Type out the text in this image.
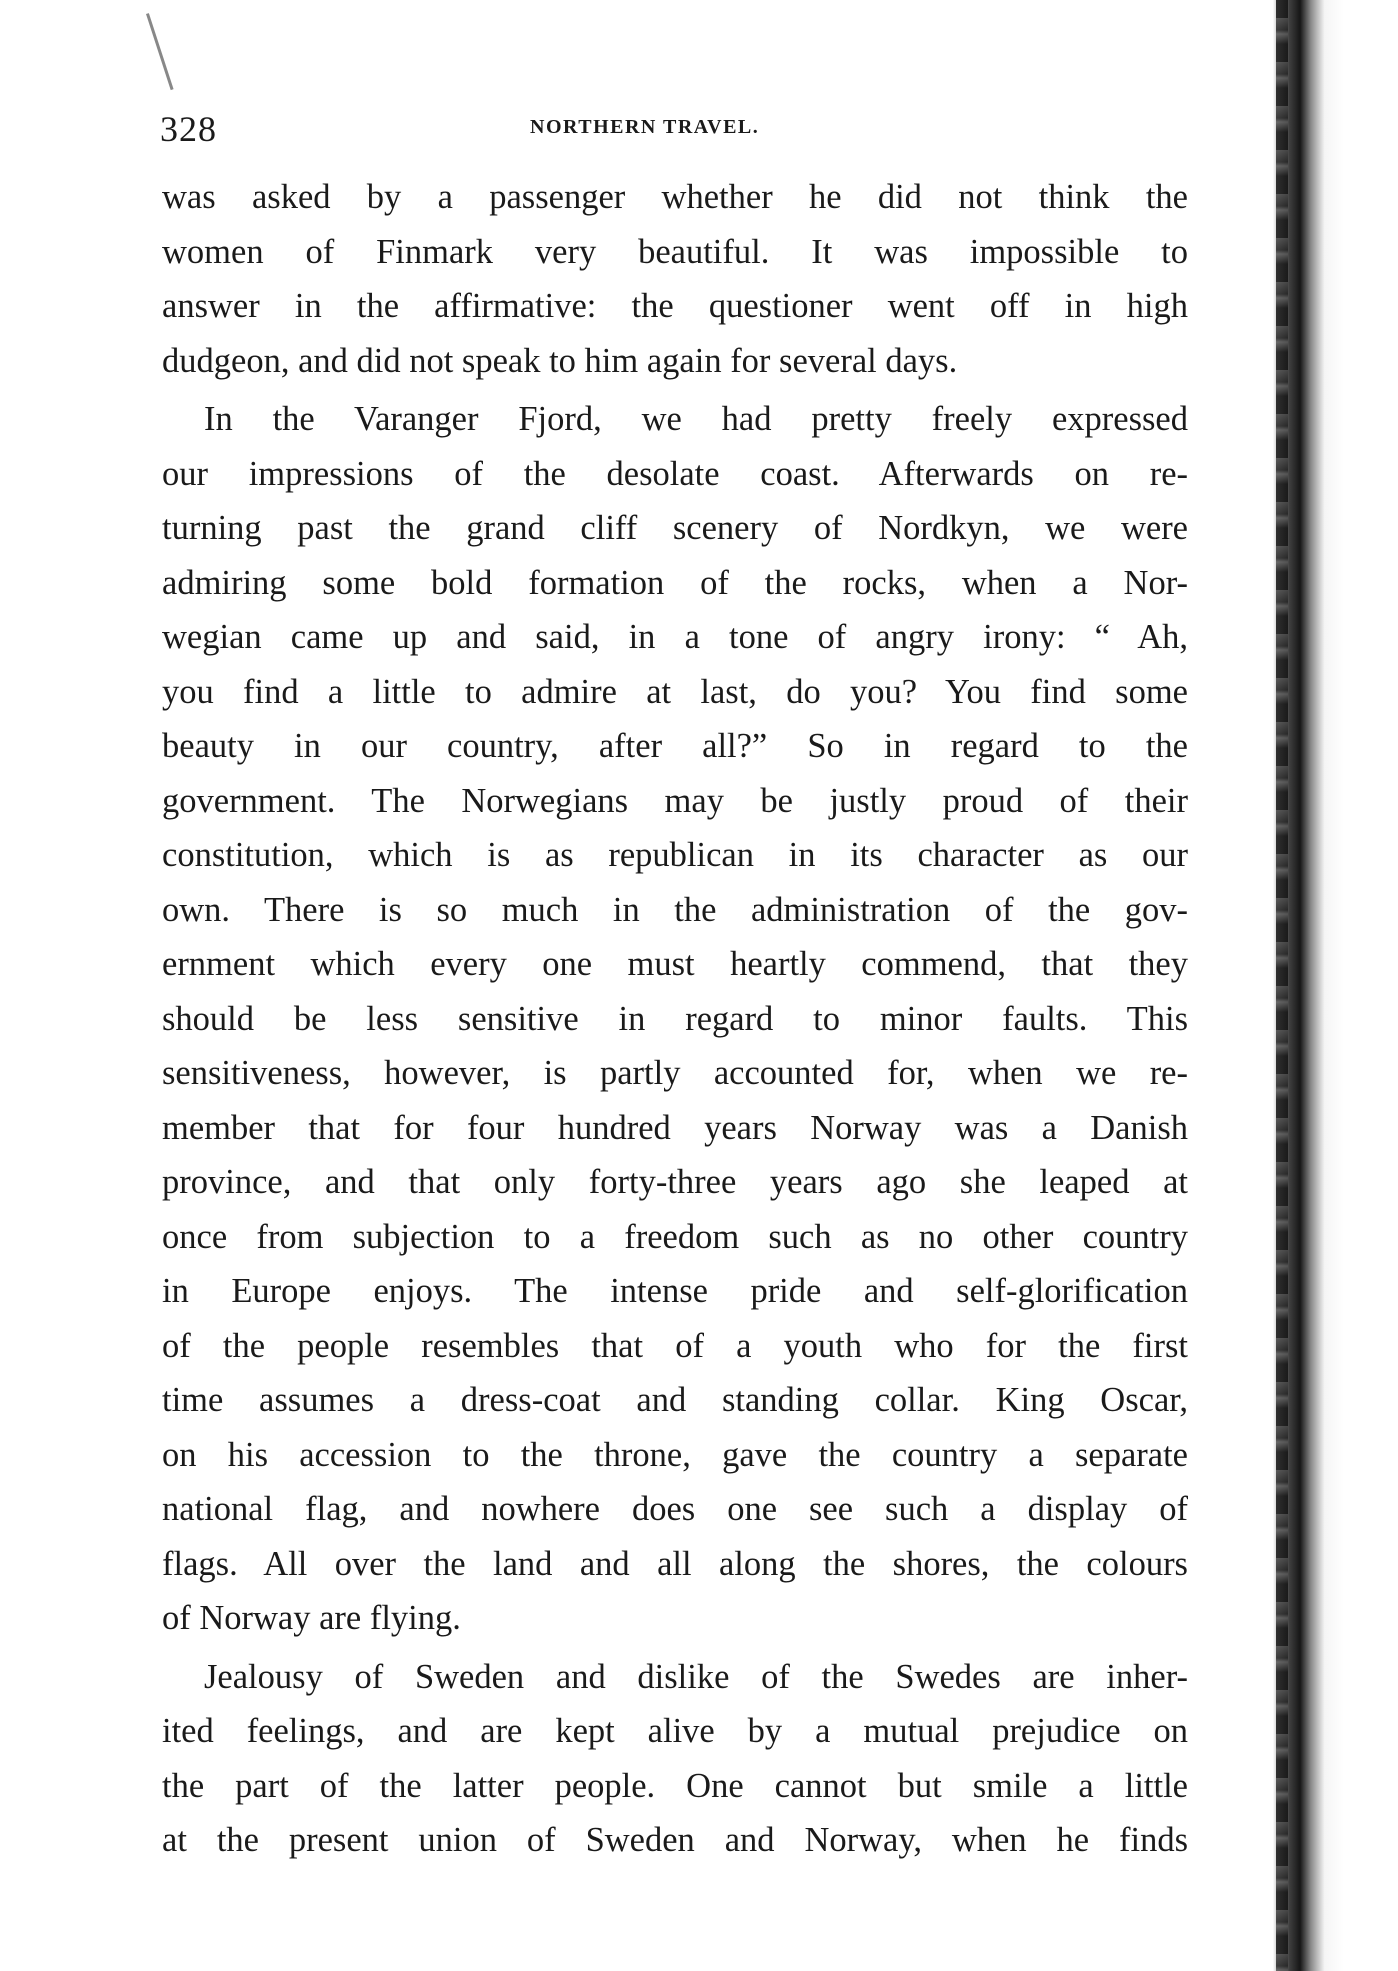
328	NORTHERN TRAVEL.
was asked by a passenger whether he did not think the
women of Finmark very beautiful. It was impossible to
answer in the affirmative: the questioner went off in high
dudgeon, and did not speak to him again for several days.
In the Varanger Fjord, we had pretty freely expressed
our impressions of the desolate coast. Afterwards on re-
turning past the grand cliff scenery of Nordkyn, we were
admiring some bold formation of the rocks, when a Nor-
wegian came up and said, in a tone of angry irony: “ Ah,
you find a little to admire at last, do you? You find some
beauty in our country, after all?” So in regard to the
government. The Norwegians may be justly proud of their
constitution, which is as republican in its character as our
own. There is so much in the administration of the gov-
ernment which every one must heartly commend, that they
should be less sensitive in regard to minor faults. This
sensitiveness, however, is partly accounted for, when we re-
member that for four hundred years Norway was a Danish
province, and that only forty-three years ago she leaped at
once from subjection to a freedom such as no other country
in Europe enjoys. The intense pride and self-glorification
of the people resembles that of a youth who for the first
time assumes a dress-coat and standing collar. King Oscar,
on his accession to the throne, gave the country a separate
national flag, and nowhere does one see such a display of
flags. All over the land and all along the shores, the colours
of Norway are flying.
Jealousy of Sweden and dislike of the Swedes are inher-
ited feelings, and are kept alive by a mutual prejudice on
the part of the latter people. One cannot but smile a little
at the present union of Sweden and Norway, when he finds
